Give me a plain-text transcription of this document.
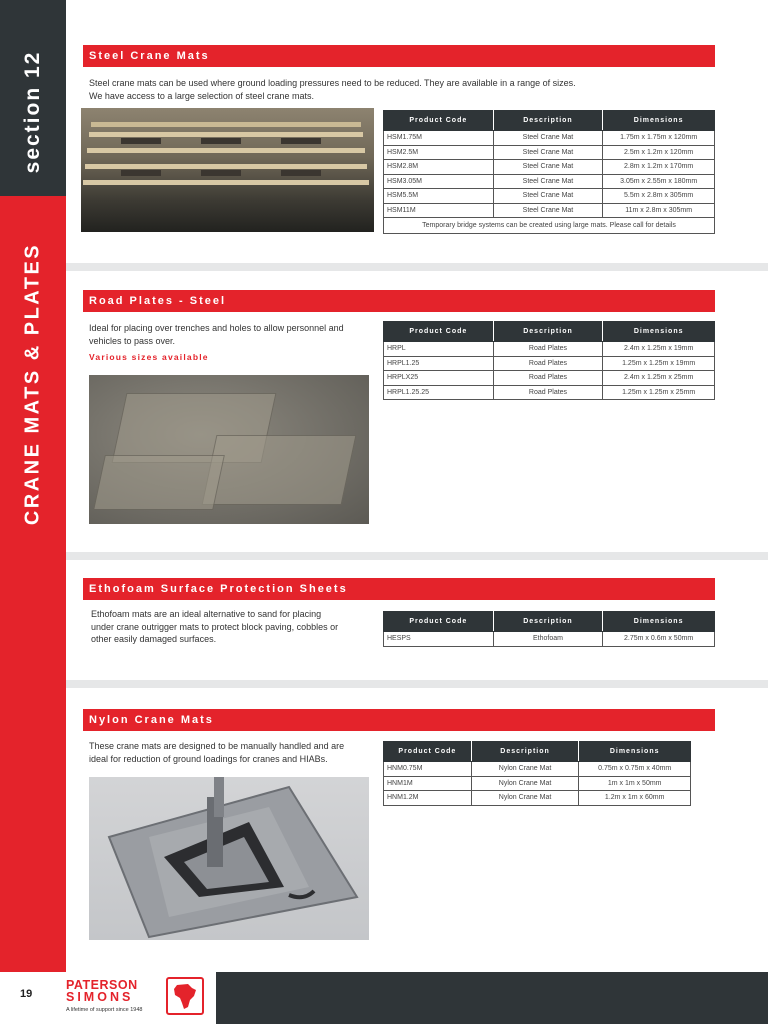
section 12
CRANE MATS & PLATES
Steel Crane Mats
Steel crane mats can be used where ground loading pressures need to be reduced. They are available in a range of sizes.
We have access to a large selection of steel crane mats.
Product Code	Description	Dimensions
HSM1.75M	Steel Crane Mat	1.75m x 1.75m x 120mm
HSM2.5M	Steel Crane Mat	2.5m x 1.2m x 120mm
HSM2.8M	Steel Crane Mat	2.8m x 1.2m x 170mm
HSM3.05M	Steel Crane Mat	3.05m x 2.55m x 180mm
HSM5.5M	Steel Crane Mat	5.5m x 2.8m x 305mm
HSM11M	Steel Crane Mat	11m x 2.8m x 305mm
Temporary bridge systems can be created using large mats. Please call for details		
Road Plates - Steel
Ideal for placing over trenches and holes to allow personnel and
vehicles to pass over.
Various sizes available
Product Code	Description	Dimensions
HRPL	Road Plates	2.4m x 1.25m x 19mm
HRPL1.25	Road Plates	1.25m x 1.25m x 19mm
HRPLX25	Road Plates	2.4m x 1.25m x 25mm
HRPL1.25.25	Road Plates	1.25m x 1.25m x 25mm
Ethofoam Surface Protection Sheets
Ethofoam mats are an ideal alternative to sand for placing
under crane outrigger mats to protect block paving, cobbles or
other easily damaged surfaces.
Product Code	Description	Dimensions
HESPS	Ethofoam	2.75m x 0.6m x 50mm
Nylon Crane Mats
These crane mats are designed to be manually handled and are
ideal for reduction of ground loadings for cranes and HIABs.
Product Code	Description	Dimensions
HNM0.75M	Nylon Crane Mat	0.75m x 0.75m x 40mm
HNM1M	Nylon Crane Mat	1m x 1m x 50mm
HNM1.2M	Nylon Crane Mat	1.2m x 1m x 60mm
19
PATERSON
SIMONS
A lifetime of support since 1948
